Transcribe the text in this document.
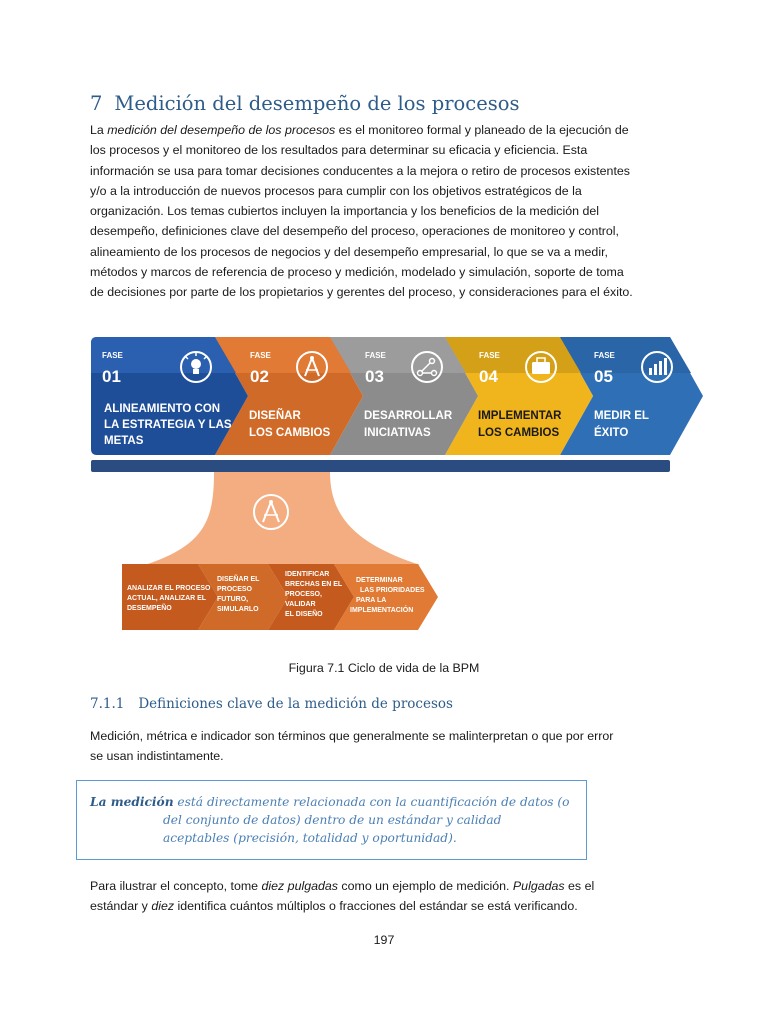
7 Medición del desempeño de los procesos
La medición del desempeño de los procesos es el monitoreo formal y planeado de la ejecución de
los procesos y el monitoreo de los resultados para determinar su eficacia y eficiencia. Esta
información se usa para tomar decisiones conducentes a la mejora o retiro de procesos existentes
y/o a la introducción de nuevos procesos para cumplir con los objetivos estratégicos de la
organización. Los temas cubiertos incluyen la importancia y los beneficios de la medición del
desempeño, definiciones clave del desempeño del proceso, operaciones de monitoreo y control,
alineamiento de los procesos de negocios y del desempeño empresarial, lo que se va a medir,
métodos y marcos de referencia de proceso y medición, modelado y simulación, soporte de toma
de decisiones por parte de los propietarios y gerentes del proceso, y consideraciones para el éxito.
FASE
01
FASE
02
FASE
03
FASE
04
FASE
05
ALINEAMIENTO CON LA ESTRATEGIA Y LAS METAS
DISEÑAR LOS CAMBIOS
DESARROLLAR INICIATIVAS
IMPLEMENTAR LOS CAMBIOS
MEDIR EL ÉXITO
ANALIZAR EL PROCESO ACTUAL, ANALIZAR EL DESEMPEÑO
DISEÑAR EL PROCESO FUTURO, SIMULARLO
IDENTIFICAR BRECHAS EN EL PROCESO, VALIDAR EL DISEÑO
DETERMINAR LAS PRIORIDADES PARA LA IMPLEMENTACIÓN
Figura 7.1 Ciclo de vida de la BPM
7.1.1 Definiciones clave de la medición de procesos
Medición, métrica e indicador son términos que generalmente se malinterpretan o que por error
se usan indistintamente.
La medición está directamente relacionada con la cuantificación de datos (o
del conjunto de datos) dentro de un estándar y calidad
aceptables (precisión, totalidad y oportunidad).
Para ilustrar el concepto, tome diez pulgadas como un ejemplo de medición. Pulgadas es el
estándar y diez identifica cuántos múltiplos o fracciones del estándar se está verificando.
197
